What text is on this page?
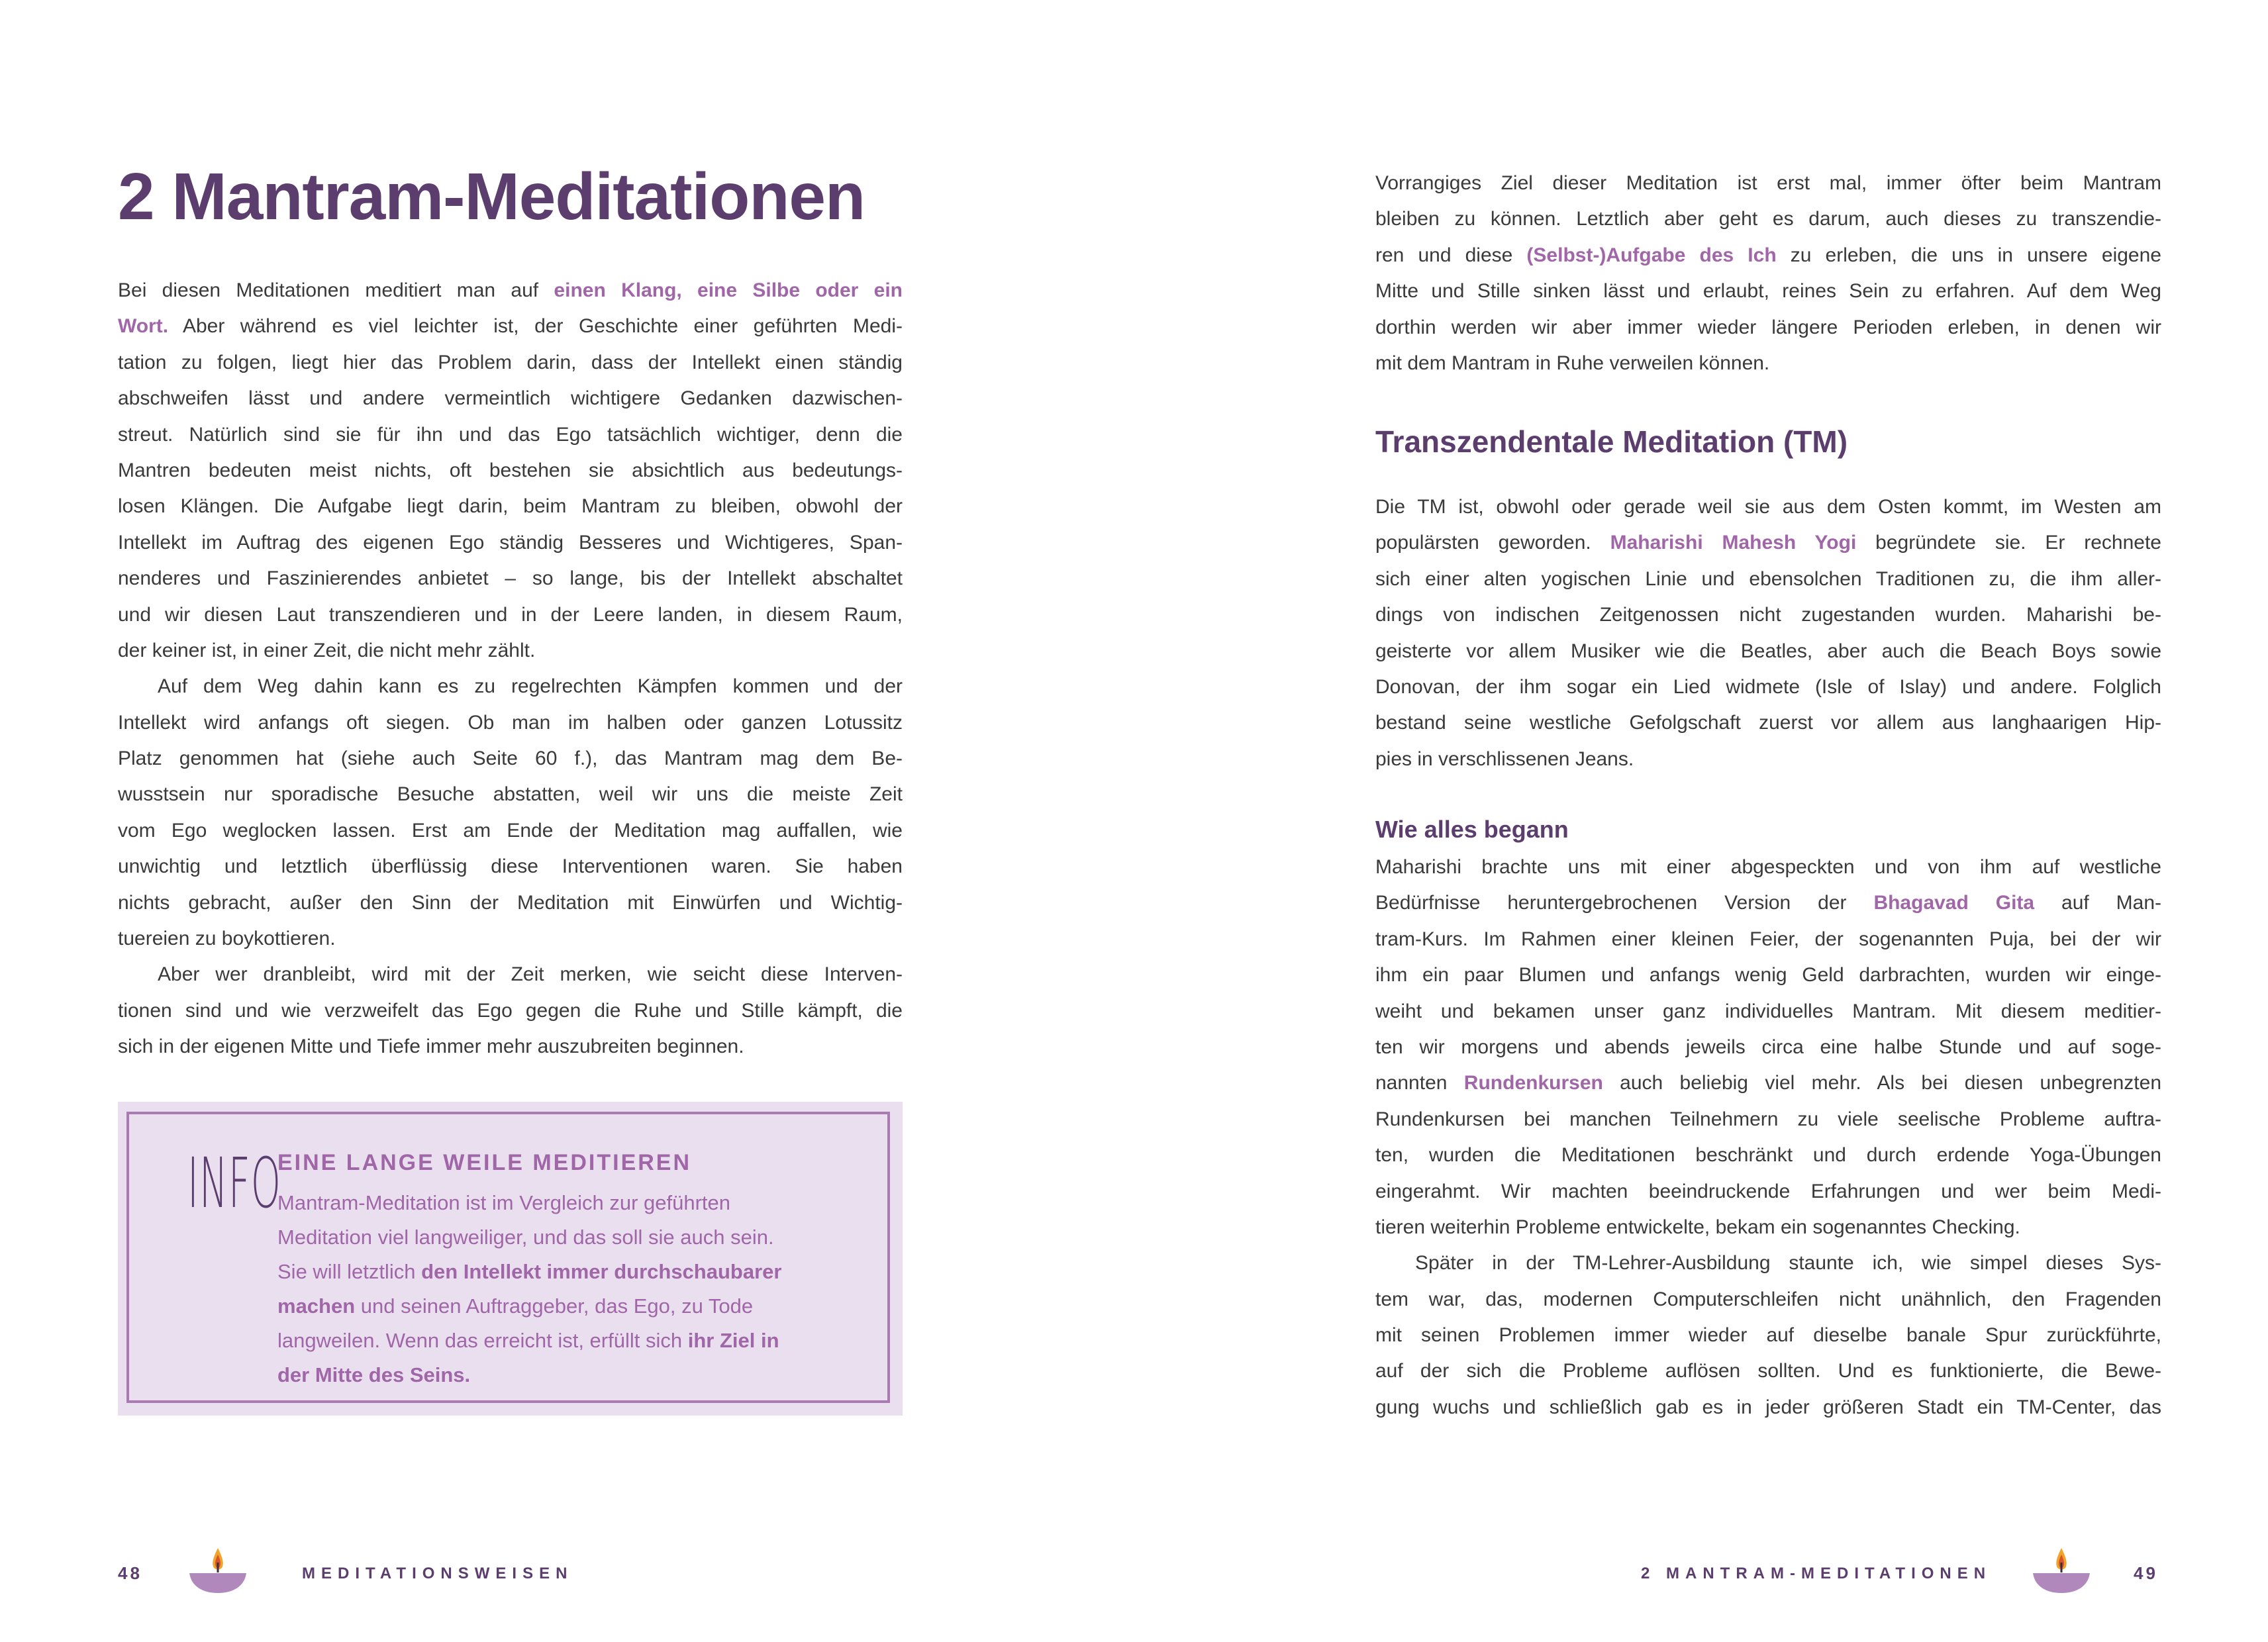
2 Mantram-Meditationen
Bei diesen Meditationen meditiert man auf einen Klang, eine Silbe oder ein
Wort. Aber während es viel leichter ist, der Geschichte einer geführten Medi-
tation zu folgen, liegt hier das Problem darin, dass der Intellekt einen ständig
abschweifen lässt und andere vermeintlich wichtigere Gedanken dazwischen-
streut. Natürlich sind sie für ihn und das Ego tatsächlich wichtiger, denn die
Mantren bedeuten meist nichts, oft bestehen sie absichtlich aus bedeutungs-
losen Klängen. Die Aufgabe liegt darin, beim Mantram zu bleiben, obwohl der
Intellekt im Auftrag des eigenen Ego ständig Besseres und Wichtigeres, Span-
nenderes und Faszinierendes anbietet – so lange, bis der Intellekt abschaltet
und wir diesen Laut transzendieren und in der Leere landen, in diesem Raum,
der keiner ist, in einer Zeit, die nicht mehr zählt.
Auf dem Weg dahin kann es zu regelrechten Kämpfen kommen und der
Intellekt wird anfangs oft siegen. Ob man im halben oder ganzen Lotussitz
Platz genommen hat (siehe auch Seite 60 f.), das Mantram mag dem Be-
wusstsein nur sporadische Besuche abstatten, weil wir uns die meiste Zeit
vom Ego weglocken lassen. Erst am Ende der Meditation mag auffallen, wie
unwichtig und letztlich überflüssig diese Interventionen waren. Sie haben
nichts gebracht, außer den Sinn der Meditation mit Einwürfen und Wichtig-
tuereien zu boykottieren.
Aber wer dranbleibt, wird mit der Zeit merken, wie seicht diese Interven-
tionen sind und wie verzweifelt das Ego gegen die Ruhe und Stille kämpft, die
sich in der eigenen Mitte und Tiefe immer mehr auszubreiten beginnen.
INFO
EINE LANGE WEILE MEDITIEREN
Mantram-Meditation ist im Vergleich zur geführten
Meditation viel langweiliger, und das soll sie auch sein.
Sie will letztlich den Intellekt immer durchschaubarer
machen und seinen Auftraggeber, das Ego, zu Tode
langweilen. Wenn das erreicht ist, erfüllt sich ihr Ziel in
der Mitte des Seins.
Vorrangiges Ziel dieser Meditation ist erst mal, immer öfter beim Mantram
bleiben zu können. Letztlich aber geht es darum, auch dieses zu transzendie-
ren und diese (Selbst-)Aufgabe des Ich zu erleben, die uns in unsere eigene
Mitte und Stille sinken lässt und erlaubt, reines Sein zu erfahren. Auf dem Weg
dorthin werden wir aber immer wieder längere Perioden erleben, in denen wir
mit dem Mantram in Ruhe verweilen können.
Transzendentale Meditation (TM)
Die TM ist, obwohl oder gerade weil sie aus dem Osten kommt, im Westen am
populärsten geworden. Maharishi Mahesh Yogi begründete sie. Er rechnete
sich einer alten yogischen Linie und ebensolchen Traditionen zu, die ihm aller-
dings von indischen Zeitgenossen nicht zugestanden wurden. Maharishi be-
geisterte vor allem Musiker wie die Beatles, aber auch die Beach Boys sowie
Donovan, der ihm sogar ein Lied widmete (Isle of Islay) und andere. Folglich
bestand seine westliche Gefolgschaft zuerst vor allem aus langhaarigen Hip-
pies in verschlissenen Jeans.
Wie alles begann
Maharishi brachte uns mit einer abgespeckten und von ihm auf westliche
Bedürfnisse heruntergebrochenen Version der Bhagavad Gita auf Man-
tram-Kurs. Im Rahmen einer kleinen Feier, der sogenannten Puja, bei der wir
ihm ein paar Blumen und anfangs wenig Geld darbrachten, wurden wir einge-
weiht und bekamen unser ganz individuelles Mantram. Mit diesem meditier-
ten wir morgens und abends jeweils circa eine halbe Stunde und auf soge-
nannten Rundenkursen auch beliebig viel mehr. Als bei diesen unbegrenzten
Rundenkursen bei manchen Teilnehmern zu viele seelische Probleme auftra-
ten, wurden die Meditationen beschränkt und durch erdende Yoga-Übungen
eingerahmt. Wir machten beeindruckende Erfahrungen und wer beim Medi-
tieren weiterhin Probleme entwickelte, bekam ein sogenanntes Checking.
Später in der TM-Lehrer-Ausbildung staunte ich, wie simpel dieses Sys-
tem war, das, modernen Computerschleifen nicht unähnlich, den Fragenden
mit seinen Problemen immer wieder auf dieselbe banale Spur zurückführte,
auf der sich die Probleme auflösen sollten. Und es funktionierte, die Bewe-
gung wuchs und schließlich gab es in jeder größeren Stadt ein TM-Center, das
48	MEDITATIONSWEISEN	2 MANTRAM-MEDITATIONEN	49
